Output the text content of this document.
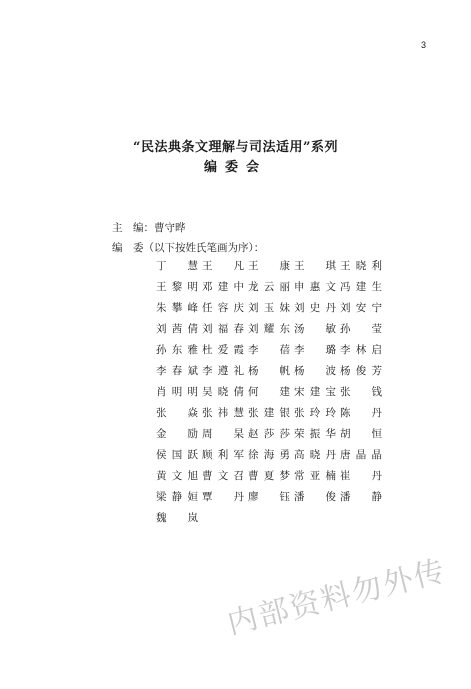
3
“民法典条文理解与司法适用”系列
编委会
主　编：曹守晔
编　委（以下按姓氏笔画为序）：
丁　慧 王　凡 王　康 王　琪 王晓利
王黎明 邓建中 龙云丽 申惠文 冯建生
朱攀峰 任容庆 刘玉妹 刘史丹 刘安宁
刘茜倩 刘福春 刘耀东 汤　敏 孙　莹
孙东雅 杜爱霞 李　蓓 李　璐 李林启
李春斌 李遵礼 杨　帆 杨　波 杨俊芳
肖明明 吴晓倩 何　建 宋建宝 张　钱
张　焱 张祎慧 张建银 张玲玲 陈　丹
金　励 周　杲 赵莎莎 荣振华 胡　恒
侯国跃 顾利军 徐海勇 高晓丹 唐晶晶
黄文旭 曹文召 曹夏梦 常亚楠 崔　丹
梁静姮 覃　丹 廖　钰 潘　俊 潘　静
魏　岚
内部资料勿外传
